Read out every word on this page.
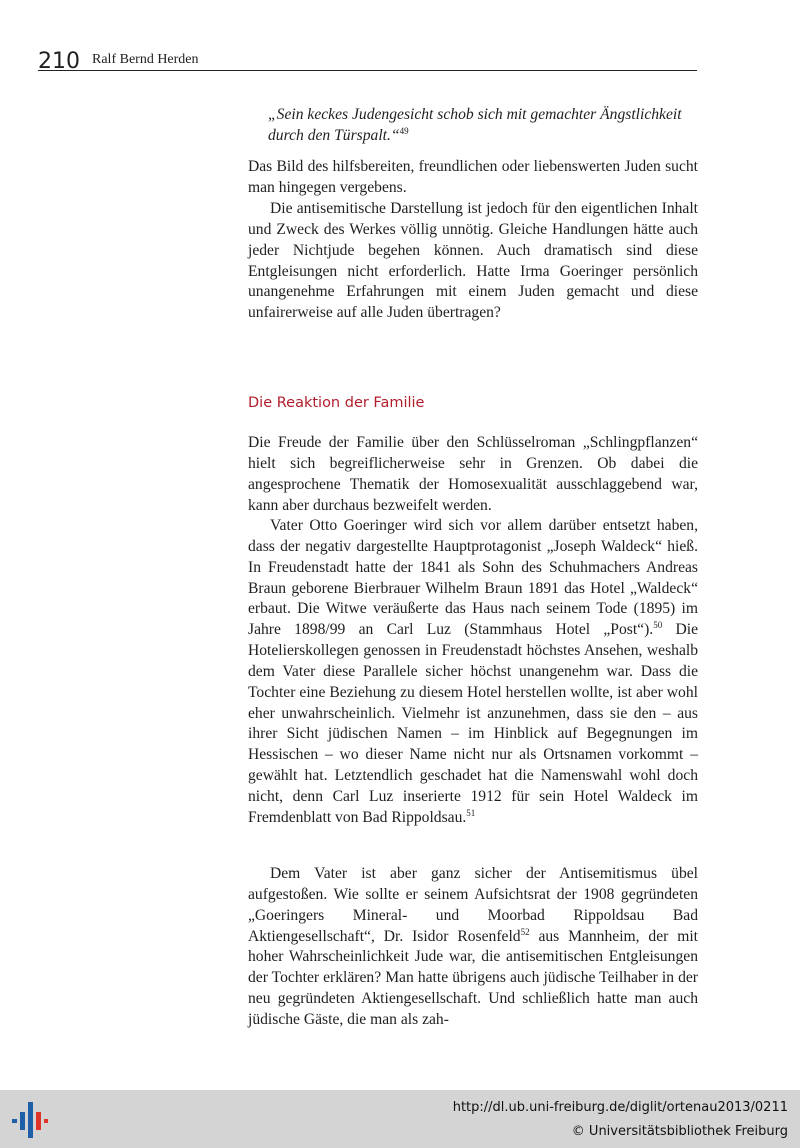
210 Ralf Bernd Herden

„Sein keckes Judengesicht schob sich mit gemachter Ängstlichkeit durch den Türspalt.“$^{49}$

Das Bild des hilfsbereiten, freundlichen oder liebenswerten Juden sucht man hingegen vergebens.

Die antisemitische Darstellung ist jedoch für den eigentlichen Inhalt und Zweck des Werkes völlig unnötig. Gleiche Handlungen hätte auch jeder Nichtjude begehen können. Auch dramatisch sind diese Entgleisungen nicht erforderlich. Hatte Irma Goeringer persönlich unangenehme Erfahrungen mit einem Juden gemacht und diese unfairerweise auf alle Juden übertragen?

Die Reaktion der Familie

Die Freude der Familie über den Schlüsselroman „Schlingpflanzen“ hielt sich begreiflicherweise sehr in Grenzen. Ob dabei die angesprochene Thematik der Homosexualität ausschlaggebend war, kann aber durchaus bezweifelt werden.

Vater Otto Goeringer wird sich vor allem darüber entsetzt haben, dass der negativ dargestellte Hauptprotagonist „Joseph Waldeck“ hieß. In Freudenstadt hatte der 1841 als Sohn des Schuhmachers Andreas Braun geborene Bierbrauer Wilhelm Braun 1891 das Hotel „Waldeck“ erbaut. Die Witwe veräußerte das Haus nach seinem Tode (1895) im Jahre 1898/99 an Carl Luz (Stammhaus Hotel „Post“).$^{50}$ Die Hotelierskollegen genossen in Freudenstadt höchstes Ansehen, weshalb dem Vater diese Parallele sicher höchst unangenehm war. Dass die Tochter eine Beziehung zu diesem Hotel herstellen wollte, ist aber wohl eher unwahrscheinlich. Vielmehr ist anzunehmen, dass sie den – aus ihrer Sicht jüdischen Namen – im Hinblick auf Begegnungen im Hessischen – wo dieser Name nicht nur als Ortsnamen vorkommt – gewählt hat. Letztendlich geschadet hat die Namenswahl wohl doch nicht, denn Carl Luz inserierte 1912 für sein Hotel Waldeck im Fremdenblatt von Bad Rippoldsau.$^{51}$

Dem Vater ist aber ganz sicher der Antisemitismus übel aufgestoßen. Wie sollte er seinem Aufsichtsrat der 1908 gegründeten „Goeringers Mineral- und Moorbad Rippoldsau Bad Aktiengesellschaft“, Dr. Isidor Rosenfeld$^{52}$ aus Mannheim, der mit hoher Wahrscheinlichkeit Jude war, die antisemitischen Entgleisungen der Tochter erklären? Man hatte übrigens auch jüdische Teilhaber in der neu gegründeten Aktiengesellschaft. Und schließlich hatte man auch jüdische Gäste, die man als zah-

http://dl.ub.uni-freiburg.de/diglit/ortenau2013/0211
© Universitätsbibliothek Freiburg
